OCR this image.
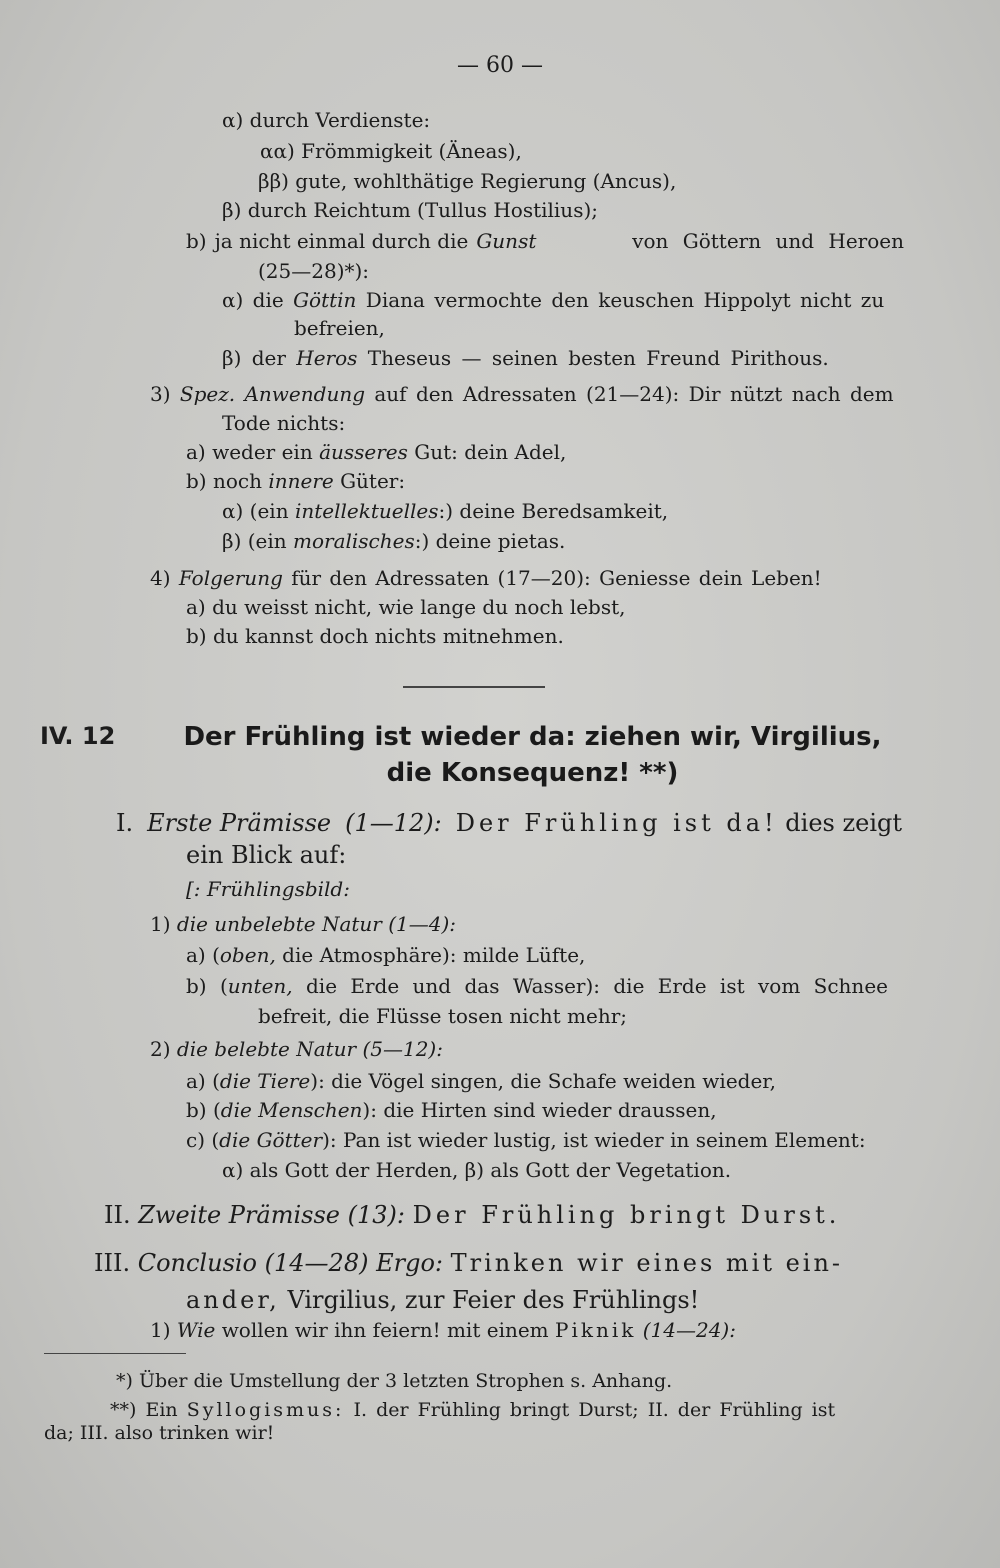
— 60 —
α) durch Verdienste:
αα) Frömmigkeit (Äneas),
ββ) gute, wohlthätige Regierung (Ancus),
β) durch Reichtum (Tullus Hostilius);
b) ja nicht einmal durch die Gunst	von Göttern und Heroen
(25—28)*):
α) die Göttin Diana vermochte den keuschen Hippolyt nicht zu
befreien,
β) der Heros Theseus — seinen besten Freund Pirithous.
3) Spez. Anwendung auf den Adressaten (21—24): Dir nützt nach dem
Tode nichts:
a) weder ein äusseres Gut: dein Adel,
b) noch innere Güter:
α) (ein intellektuelles:) deine Beredsamkeit,
β) (ein moralisches:) deine pietas.
4) Folgerung für den Adressaten (17—20): Geniesse dein Leben!
a) du weisst nicht, wie lange du noch lebst,
b) du kannst doch nichts mitnehmen.
IV. 12	Der Frühling ist wieder da: ziehen wir, Virgilius,
die Konsequenz! **)
I. Erste Prämisse (1—12): Der Frühling ist da! dies zeigt
ein Blick auf:
[: Frühlingsbild:
1) die unbelebte Natur (1—4):
a) (oben, die Atmosphäre): milde Lüfte,
b) (unten, die Erde und das Wasser): die Erde ist vom Schnee
befreit, die Flüsse tosen nicht mehr;
2) die belebte Natur (5—12):
a) (die Tiere): die Vögel singen, die Schafe weiden wieder,
b) (die Menschen): die Hirten sind wieder draussen,
c) (die Götter): Pan ist wieder lustig, ist wieder in seinem Element:
α) als Gott der Herden, β) als Gott der Vegetation.
II. Zweite Prämisse (13): Der Frühling bringt Durst.
III. Conclusio (14—28) Ergo: Trinken wir eines mit ein-
ander, Virgilius, zur Feier des Frühlings!
1) Wie wollen wir ihn feiern! mit einem Piknik (14—24):
*) Über die Umstellung der 3 letzten Strophen s. Anhang.
**) Ein Syllogismus: I. der Frühling bringt Durst; II. der Frühling ist
da; III. also trinken wir!
